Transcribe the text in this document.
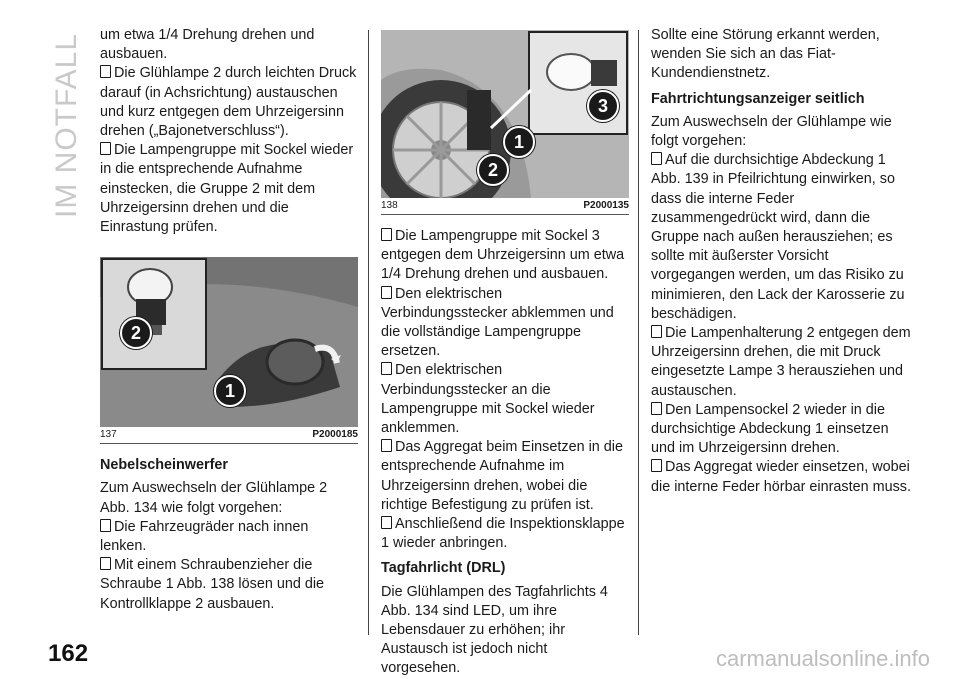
IM NOTFALL
162

um etwa 1/4 Drehung drehen und ausbauen.

Die Glühlampe 2 durch leichten Druck darauf (in Achsrichtung) austauschen und kurz entgegen dem Uhrzeigersinn drehen („Bajonetverschluss“).

Die Lampengruppe mit Sockel wieder in die entsprechende Aufnahme einstecken, die Gruppe 2 mit dem Uhrzeigersinn drehen und die Einrastung prüfen.

2
1
137	P2000185
Nebelscheinwerfer

Zum Auswechseln der Glühlampe 2 Abb. 134 wie folgt vorgehen:

Die Fahrzeugräder nach innen lenken.

Mit einem Schraubenzieher die Schraube 1 Abb. 138 lösen und die Kontrollklappe 2 ausbauen.

3
1
2
138	P2000135

Die Lampengruppe mit Sockel 3 entgegen dem Uhrzeigersinn um etwa 1/4 Drehung drehen und ausbauen.

Den elektrischen Verbindungsstecker abklemmen und die vollständige Lampengruppe ersetzen.

Den elektrischen Verbindungsstecker an die Lampengruppe mit Sockel wieder anklemmen.

Das Aggregat beim Einsetzen in die entsprechende Aufnahme im Uhrzeigersinn drehen, wobei die richtige Befestigung zu prüfen ist.

Anschließend die Inspektionsklappe 1 wieder anbringen.

Tagfahrlicht (DRL)

Die Glühlampen des Tagfahrlichts 4 Abb. 134 sind LED, um ihre Lebensdauer zu erhöhen; ihr Austausch ist jedoch nicht vorgesehen.

Sollte eine Störung erkannt werden, wenden Sie sich an das Fiat-Kundendienstnetz.

Fahrtrichtungsanzeiger seitlich

Zum Auswechseln der Glühlampe wie folgt vorgehen:

Auf die durchsichtige Abdeckung 1 Abb. 139 in Pfeilrichtung einwirken, so dass die interne Feder zusammengedrückt wird, dann die Gruppe nach außen herausziehen; es sollte mit äußerster Vorsicht vorgegangen werden, um das Risiko zu minimieren, den Lack der Karosserie zu beschädigen.

Die Lampenhalterung 2 entgegen dem Uhrzeigersinn drehen, die mit Druck eingesetzte Lampe 3 herausziehen und austauschen.

Den Lampensockel 2 wieder in die durchsichtige Abdeckung 1 einsetzen und im Uhrzeigersinn drehen.

Das Aggregat wieder einsetzen, wobei die interne Feder hörbar einrasten muss.

carmanualsonline.info
